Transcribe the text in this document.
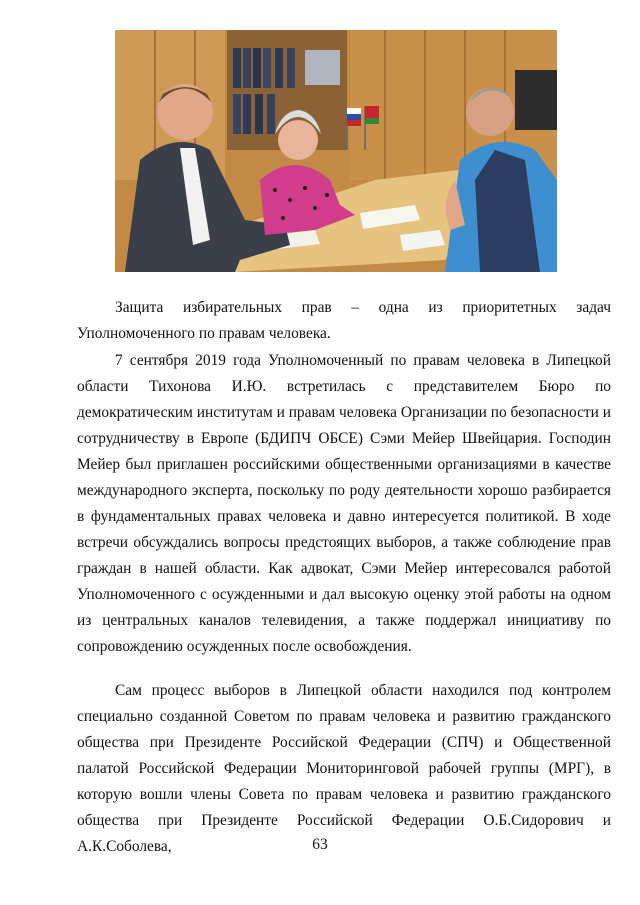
Защита избирательных прав – одна из приоритетных задач Уполномоченного по правам человека.

7 сентября 2019 года Уполномоченный по правам человека в Липецкой области Тихонова И.Ю. встретилась с представителем Бюро по демократическим институтам и правам человека Организации по безопасности и сотрудничеству в Европе (БДИПЧ ОБСЕ) Сэми Мейер Швейцария. Господин Мейер был приглашен российскими общественными организациями в качестве международного эксперта, поскольку по роду деятельности хорошо разбирается в фундаментальных правах человека и давно интересуется политикой. В ходе встречи обсуждались вопросы предстоящих выборов, а также соблюдение прав граждан в нашей области. Как адвокат, Сэми Мейер интересовался работой Уполномоченного с осужденными и дал высокую оценку этой работы на одном из центральных каналов телевидения, а также поддержал инициативу по сопровождению осужденных после освобождения.

Сам процесс выборов в Липецкой области находился под контролем специально созданной Советом по правам человека и развитию гражданского общества при Президенте Российской Федерации (СПЧ) и Общественной палатой Российской Федерации Мониторинговой рабочей группы (МРГ), в которую вошли члены Совета по правам человека и развитию гражданского общества при Президенте Российской Федерации О.Б.Сидорович и А.К.Соболева,	63
